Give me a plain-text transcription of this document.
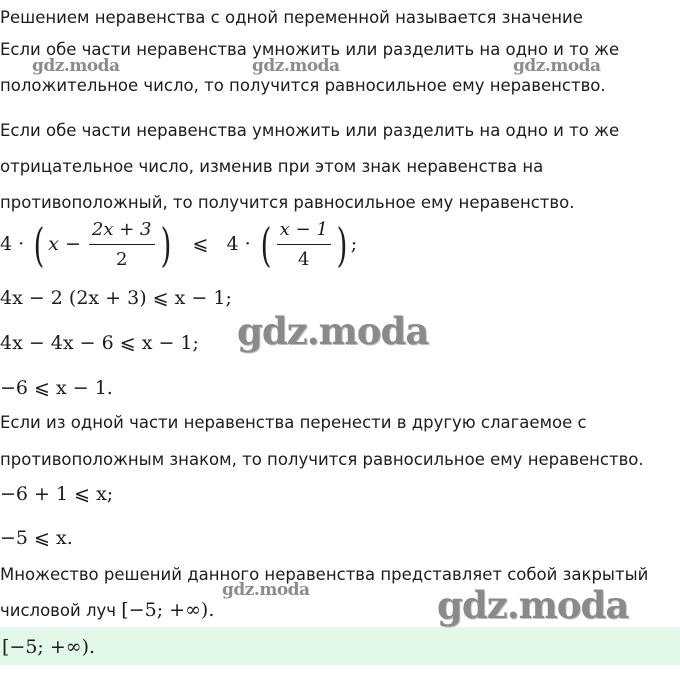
Решением неравенства с одной переменной называется значение
Если обе части неравенства умножить или разделить на одно и то же
положительное число, то получится равносильное ему неравенство.
Если обе части неравенства умножить или разделить на одно и то же
отрицательное число, изменив при этом знак неравенства на
противоположный, то получится равносильное ему неравенство.
4 · ( $x - \frac{2x + 3}{2}$ ) ⩽ 4 · ( $\frac{x - 1}{4}$ ) ;
4x − 2 (2x + 3) ⩽ x − 1;
4x − 4x − 6 ⩽ x − 1;
−6 ⩽ x − 1.
Если из одной части неравенства перенести в другую слагаемое с
противоположным знаком, то получится равносильное ему неравенство.
−6 + 1 ⩽ x;
−5 ⩽ x.
Множество решений данного неравенства представляет собой закрытый
числовой луч [−5; +∞).
[−5; +∞).
gdz.moda	gdz.moda	gdz.moda
gdz.moda
gdz.moda	gdz.moda
